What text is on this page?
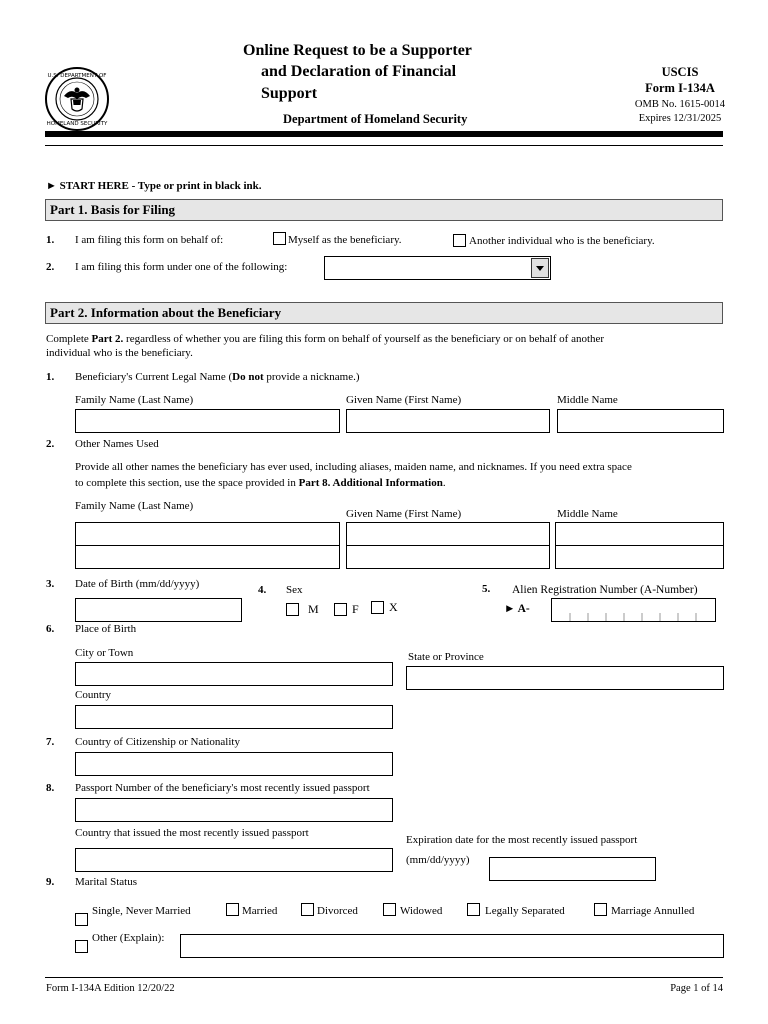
U.S. DEPARTMENT OF
HOMELAND SECURITY
Online Request to be a Supporter
and Declaration of Financial
Support
Department of Homeland Security
USCIS
Form I-134A
OMB No. 1615-0014
Expires 12/31/2025
► START HERE - Type or print in black ink.
Part 1. Basis for Filing
1. I am filing this form on behalf of:	Myself as the beneficiary.	Another individual who is the beneficiary.
2. I am filing this form under one of the following:
Part 2. Information about the Beneficiary
Complete Part 2. regardless of whether you are filing this form on behalf of yourself as the beneficiary or on behalf of another
individual who is the beneficiary.
1. Beneficiary's Current Legal Name (Do not provide a nickname.)
Family Name (Last Name)	Given Name (First Name)	Middle Name
2. Other Names Used
Provide all other names the beneficiary has ever used, including aliases, maiden name, and nicknames. If you need extra space
to complete this section, use the space provided in Part 8. Additional Information.
Family Name (Last Name)
Given Name (First Name)	Middle Name
3. Date of Birth (mm/dd/yyyy)	4. Sex
M	F	X
5. Alien Registration Number (A-Number)
► A-
6. Place of Birth
City or Town	State or Province
Country
7. Country of Citizenship or Nationality
8. Passport Number of the beneficiary's most recently issued passport
Country that issued the most recently issued passport
Expiration date for the most recently issued passport
(mm/dd/yyyy)
9. Marital Status
Single, Never Married	Married	Divorced	Widowed	Legally Separated	Marriage Annulled
Other (Explain):
Form I-134A Edition 12/20/22	Page 1 of 14
